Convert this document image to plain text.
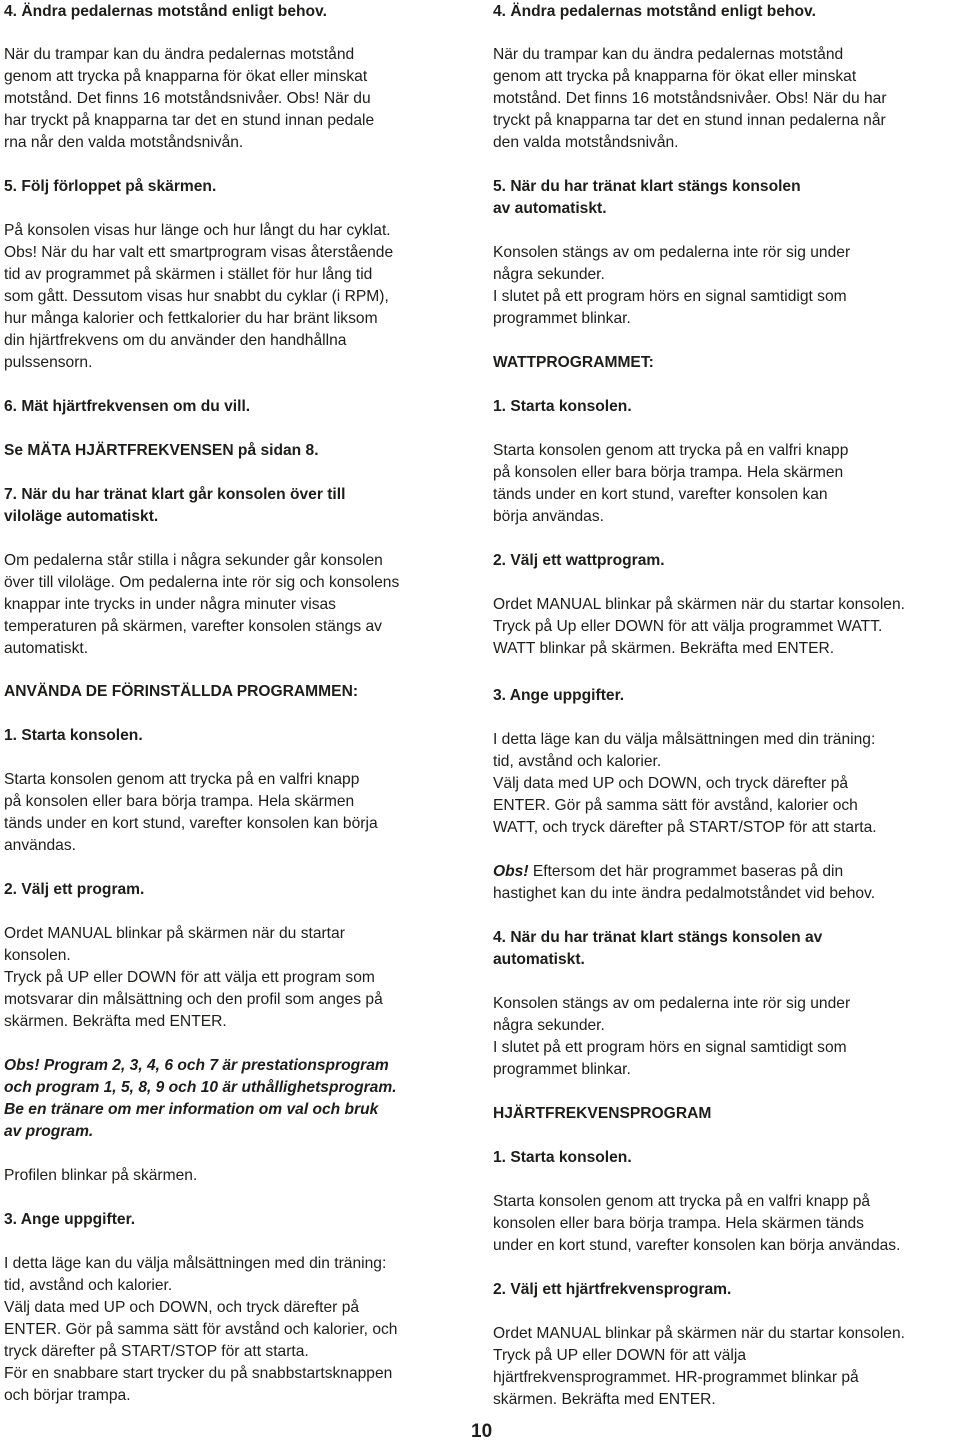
4. Ändra pedalernas motstånd enligt behov.
När du trampar kan du ändra pedalernas motstånd
genom att trycka på knapparna för ökat eller minskat
motstånd. Det finns 16 motståndsnivåer. Obs! När du
har tryckt på knapparna tar det en stund innan pedale
rna når den valda motståndsnivån.
5. Följ förloppet på skärmen.
På konsolen visas hur länge och hur långt du har cyklat.
Obs! När du har valt ett smartprogram visas återstående
tid av programmet på skärmen i stället för hur lång tid
som gått. Dessutom visas hur snabbt du cyklar (i RPM),
hur många kalorier och fettkalorier du har bränt liksom
din hjärtfrekvens om du använder den handhållna
pulssensorn.
6. Mät hjärtfrekvensen om du vill.
Se MÄTA HJÄRTFREKVENSEN på sidan 8.
7. När du har tränat klart går konsolen över till
viloläge automatiskt.
Om pedalerna står stilla i några sekunder går konsolen
över till viloläge. Om pedalerna inte rör sig och konsolens
knappar inte trycks in under några minuter visas
temperaturen på skärmen, varefter konsolen stängs av
automatiskt.
ANVÄNDA DE FÖRINSTÄLLDA PROGRAMMEN:
1. Starta konsolen.
Starta konsolen genom att trycka på en valfri knapp
på konsolen eller bara börja trampa. Hela skärmen
tänds under en kort stund, varefter konsolen kan börja
användas.
2. Välj ett program.
Ordet MANUAL blinkar på skärmen när du startar
konsolen.
Tryck på UP eller DOWN för att välja ett program som
motsvarar din målsättning och den profil som anges på
skärmen. Bekräfta med ENTER.
Obs! Program 2, 3, 4, 6 och 7 är prestationsprogram
och program 1, 5, 8, 9 och 10 är uthållighetsprogram.
Be en tränare om mer information om val och bruk
av program.
Profilen blinkar på skärmen.
3. Ange uppgifter.
I detta läge kan du välja målsättningen med din träning:
tid, avstånd och kalorier.
Välj data med UP och DOWN, och tryck därefter på
ENTER. Gör på samma sätt för avstånd och kalorier, och
tryck därefter på START/STOP för att starta.
För en snabbare start trycker du på snabbstartsknappen
och börjar trampa.
4. Ändra pedalernas motstånd enligt behov.
När du trampar kan du ändra pedalernas motstånd
genom att trycka på knapparna för ökat eller minskat
motstånd. Det finns 16 motståndsnivåer. Obs! När du har
tryckt på knapparna tar det en stund innan pedalerna når
den valda motståndsnivån.
5. När du har tränat klart stängs konsolen
av automatiskt.
Konsolen stängs av om pedalerna inte rör sig under
några sekunder.
I slutet på ett program hörs en signal samtidigt som
programmet blinkar.
WATTPROGRAMMET:
1. Starta konsolen.
Starta konsolen genom att trycka på en valfri knapp
på konsolen eller bara börja trampa. Hela skärmen
tänds under en kort stund, varefter konsolen kan
börja användas.
2. Välj ett wattprogram.
Ordet MANUAL blinkar på skärmen när du startar konsolen.
Tryck på Up eller DOWN för att välja programmet WATT.
WATT blinkar på skärmen. Bekräfta med ENTER.
3. Ange uppgifter.
I detta läge kan du välja målsättningen med din träning:
tid, avstånd och kalorier.
Välj data med UP och DOWN, och tryck därefter på
ENTER. Gör på samma sätt för avstånd, kalorier och
WATT, och tryck därefter på START/STOP för att starta.
Obs! Eftersom det här programmet baseras på din
hastighet kan du inte ändra pedalmotståndet vid behov.
4. När du har tränat klart stängs konsolen av
automatiskt.
Konsolen stängs av om pedalerna inte rör sig under
några sekunder.
I slutet på ett program hörs en signal samtidigt som
programmet blinkar.
HJÄRTFREKVENSPROGRAM
1. Starta konsolen.
Starta konsolen genom att trycka på en valfri knapp på
konsolen eller bara börja trampa. Hela skärmen tänds
under en kort stund, varefter konsolen kan börja användas.
2. Välj ett hjärtfrekvensprogram.
Ordet MANUAL blinkar på skärmen när du startar konsolen.
Tryck på UP eller DOWN för att välja
hjärtfrekvensprogrammet. HR-programmet blinkar på
skärmen. Bekräfta med ENTER.
10
